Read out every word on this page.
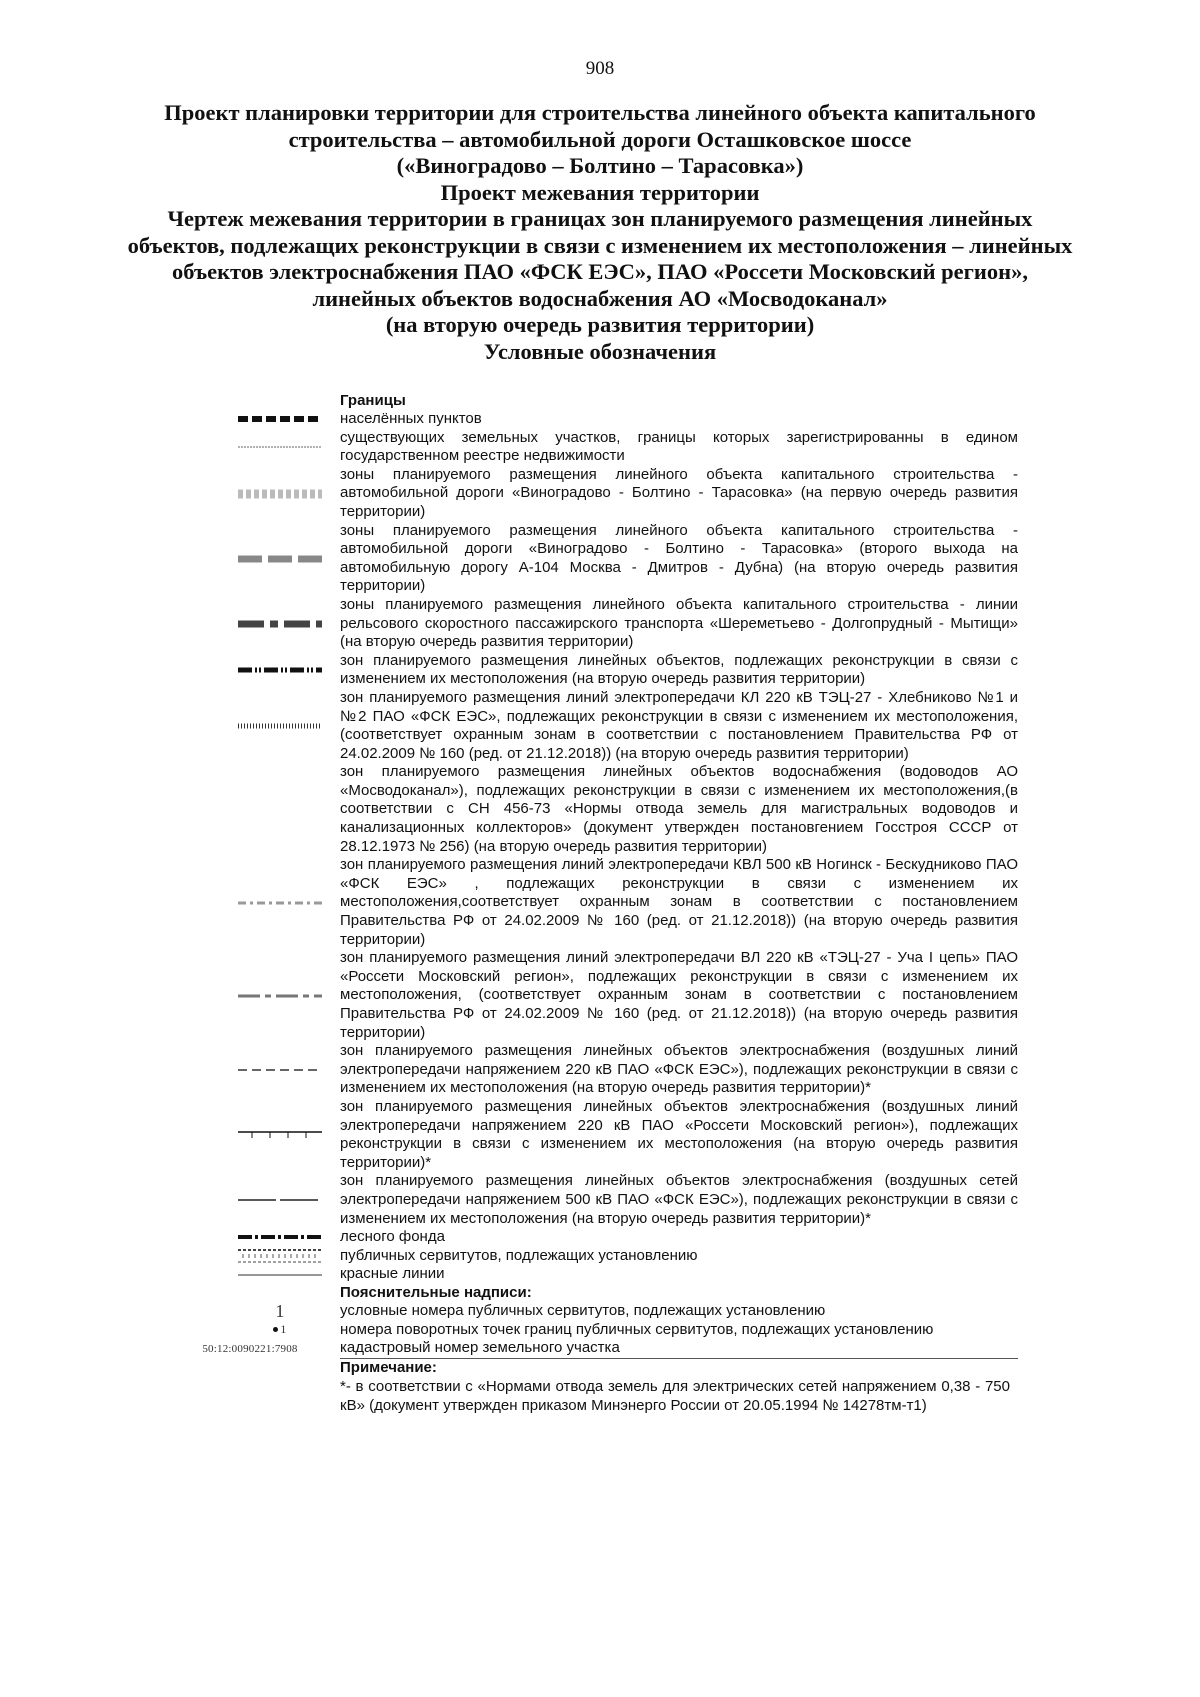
908
Проект планировки территории для строительства линейного объекта капитального
строительства – автомобильной дороги Осташковское шоссе
(«Виноградово – Болтино – Тарасовка»)
Проект межевания территории
Чертеж межевания территории в границах зон планируемого размещения линейных
объектов, подлежащих реконструкции в связи с изменением их местоположения – линейных
объектов электроснабжения ПАО «ФСК ЕЭС», ПАО «Россети Московский регион»,
линейных объектов водоснабжения АО «Мосводоканал»
(на вторую очередь развития территории)
Условные обозначения
Границы
населённых пунктов
существующих земельных участков, границы которых зарегистрированны в едином государственном реестре недвижимости
зоны планируемого размещения линейного объекта капитального строительства - автомобильной дороги «Виноградово - Болтино - Тарасовка» (на первую очередь развития территории)
зоны планируемого размещения линейного объекта капитального строительства - автомобильной дороги «Виноградово - Болтино - Тарасовка» (второго выхода на автомобильную дорогу А-104 Москва - Дмитров - Дубна) (на вторую очередь развития территории)
зоны планируемого размещения линейного объекта капитального строительства - линии рельсового скоростного пассажирского транспорта «Шереметьево - Долгопрудный - Мытищи» (на вторую очередь развития территории)
зон планируемого размещения линейных объектов, подлежащих реконструкции в связи с изменением их местоположения (на вторую очередь развития территории)
зон планируемого размещения линий электропередачи КЛ 220 кВ ТЭЦ-27 - Хлебниково №1 и №2 ПАО «ФСК ЕЭС», подлежащих реконструкции в связи с изменением их местоположения, (соответствует охранным зонам в соответствии с постановлением Правительства РФ от 24.02.2009 № 160 (ред. от 21.12.2018)) (на вторую очередь развития территории)
зон планируемого размещения линейных объектов водоснабжения (водоводов АО «Мосводоканал»), подлежащих реконструкции в связи с изменением их местоположения,(в соответствии с СН 456-73 «Нормы отвода земель для магистральных водоводов и канализационных коллекторов» (документ утвержден постановгением Госстроя СССР от 28.12.1973 № 256) (на вторую очередь развития территории)
зон планируемого размещения линий электропередачи КВЛ 500 кВ Ногинск - Бескудниково ПАО «ФСК ЕЭС» , подлежащих реконструкции в связи с изменением их местоположения,соответствует охранным зонам в соответствии с постановлением Правительства РФ от 24.02.2009 № 160 (ред. от 21.12.2018)) (на вторую очередь развития территории)
зон планируемого размещения линий электропередачи ВЛ 220 кВ «ТЭЦ-27 - Уча I цепь» ПАО «Россети Московский регион», подлежащих реконструкции в связи с изменением их местоположения, (соответствует охранным зонам в соответствии с постановлением Правительства РФ от 24.02.2009 № 160 (ред. от 21.12.2018)) (на вторую очередь развития территории)
зон планируемого размещения линейных объектов электроснабжения (воздушных линий электропередачи напряжением 220 кВ ПАО «ФСК ЕЭС»), подлежащих реконструкции в связи с изменением их местоположения (на вторую очередь развития территории)*
зон планируемого размещения линейных объектов электроснабжения (воздушных линий электропередачи напряжением 220 кВ ПАО «Россети Московский регион»), подлежащих реконструкции в связи с изменением их местоположения (на вторую очередь развития территории)*
зон планируемого размещения линейных объектов электроснабжения (воздушных сетей электропередачи напряжением 500 кВ ПАО «ФСК ЕЭС»), подлежащих реконструкции в связи с изменением их местоположения (на вторую очередь развития территории)*
лесного фонда
публичных сервитутов, подлежащих установлению
красные линии
Пояснительные надписи:
1	условные номера публичных сервитутов, подлежащих установлению
1	номера поворотных точек границ публичных сервитутов, подлежащих установлению
50:12:0090221:7908	кадастровый номер земельного участка
Примечание:
*- в соответствии с «Нормами отвода земель для электрических сетей напряжением 0,38 - 750 кВ» (документ утвержден приказом Минэнерго России от 20.05.1994 № 14278тм-т1)
